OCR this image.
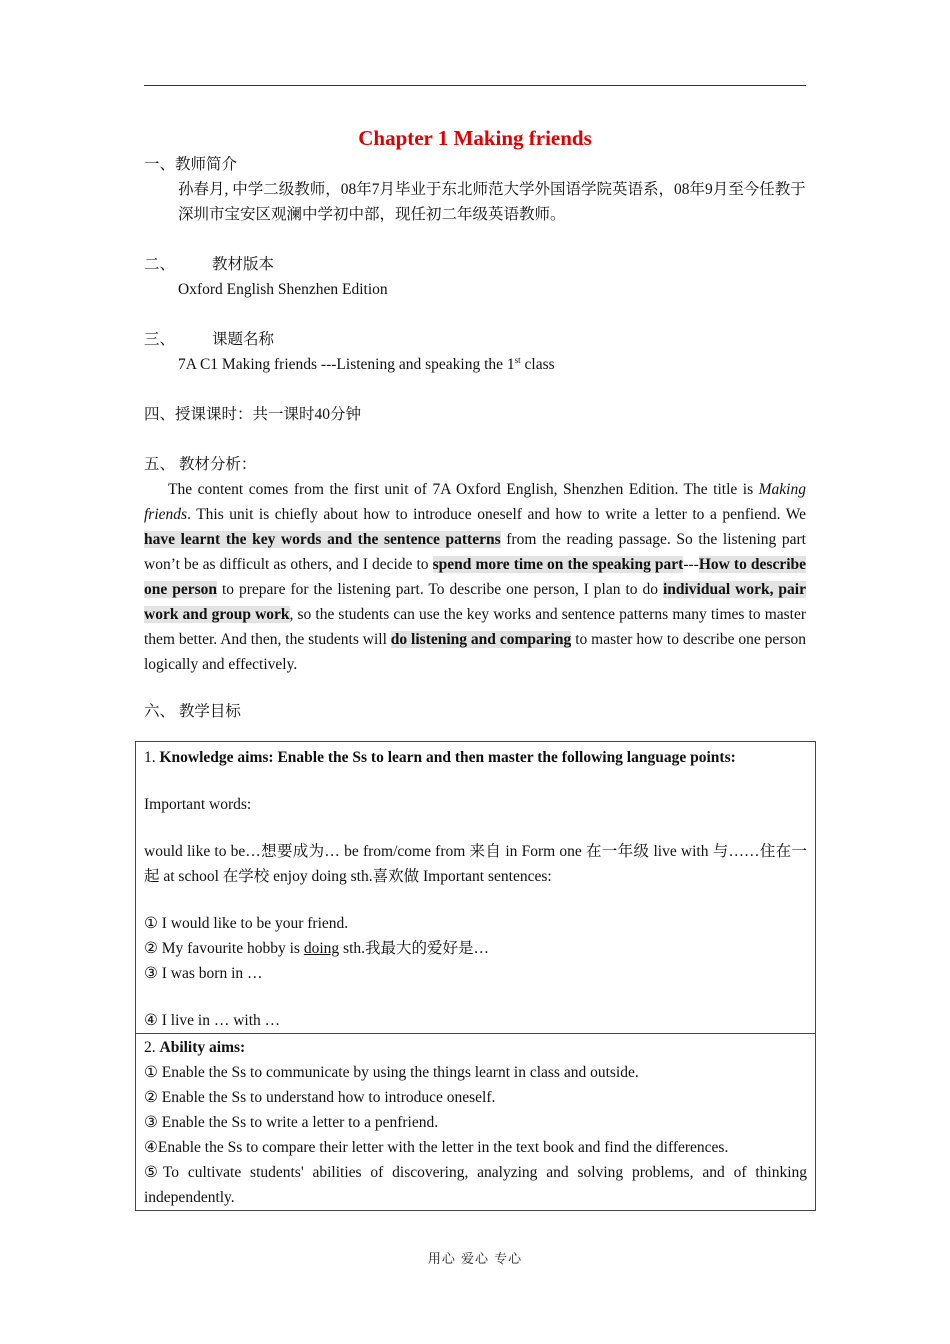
Chapter 1 Making friends
一、教师简介
孙春月, 中学二级教师，08年7月毕业于东北师范大学外国语学院英语系，08年9月至今任教于深圳市宝安区观澜中学初中部，现任初二年级英语教师。
二、 教材版本
Oxford English Shenzhen Edition
三、 课题名称
7A C1 Making friends ---Listening and speaking the 1st class
四、授课课时：共一课时40分钟
五、 教材分析：
The content comes from the first unit of 7A Oxford English, Shenzhen Edition. The title is Making friends. This unit is chiefly about how to introduce oneself and how to write a letter to a penfiend. We have learnt the key words and the sentence patterns from the reading passage. So the listening part won’t be as difficult as others, and I decide to spend more time on the speaking part---How to describe one person to prepare for the listening part. To describe one person, I plan to do individual work, pair work and group work, so the students can use the key works and sentence patterns many times to master them better. And then, the students will do listening and comparing to master how to describe one person logically and effectively.
六、 教学目标
1. Knowledge aims: Enable the Ss to learn and then master the following language points:
Important words:
would like to be…想要成为… be from/come from 来自 in Form one 在一年级 live with 与……住在一起 at school 在学校 enjoy doing sth.喜欢做 Important sentences:
① I would like to be your friend.
② My favourite hobby is doing sth.我最大的爱好是…
③ I was born in …
④ I live in … with …

2. Ability aims:
① Enable the Ss to communicate by using the things learnt in class and outside.
② Enable the Ss to understand how to introduce oneself.
③ Enable the Ss to write a letter to a penfriend.
④Enable the Ss to compare their letter with the letter in the text book and find the differences.
⑤To cultivate students' abilities of discovering, analyzing and solving problems, and of thinking independently.
用心 爱心 专心
